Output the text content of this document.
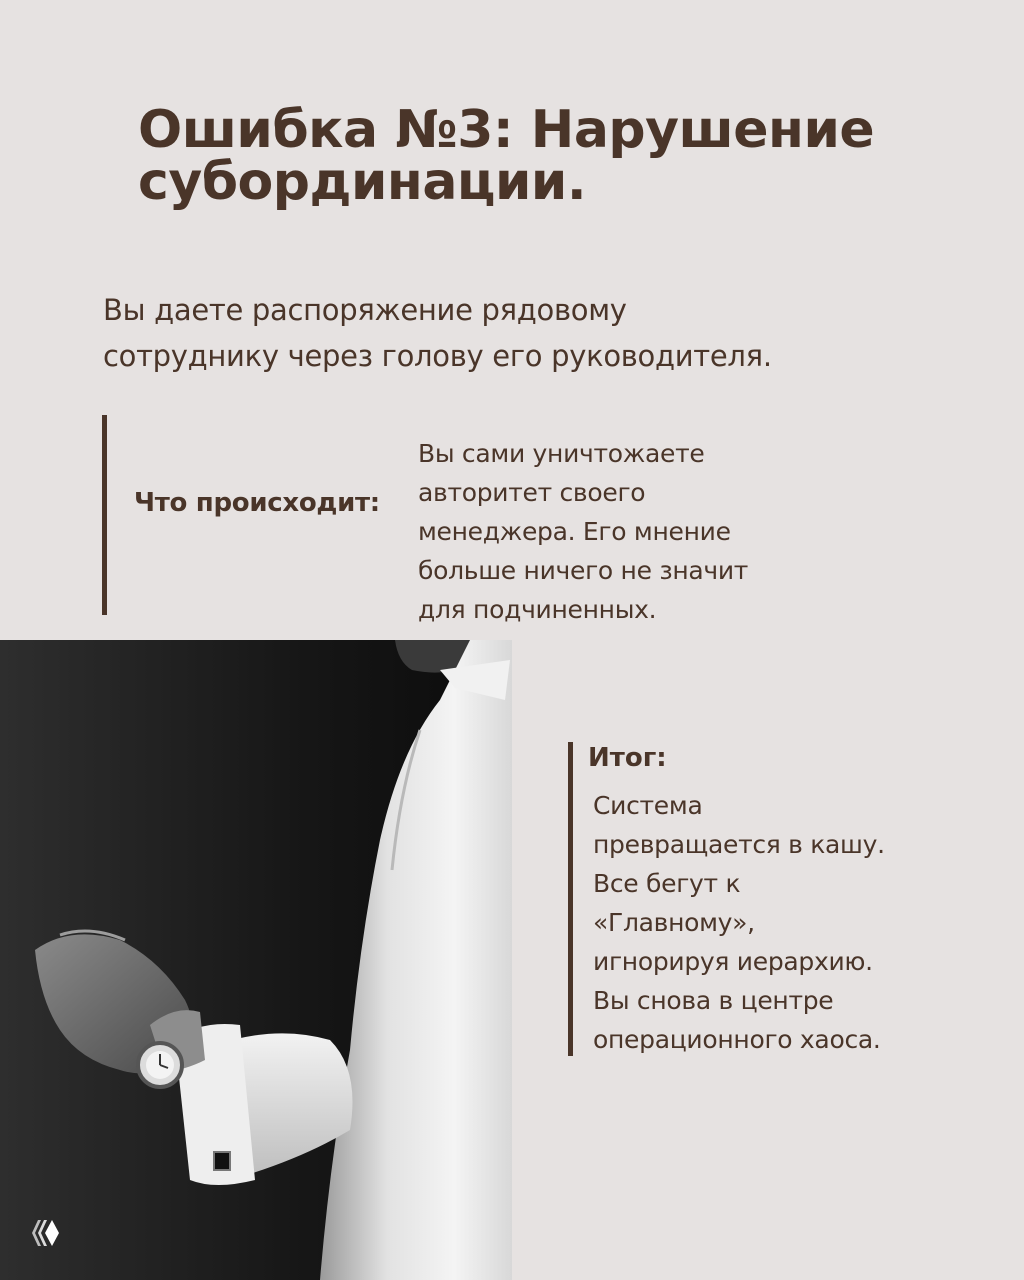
Ошибка №3: Нарушение
субординации.
Вы даете распоряжение рядовому
сотруднику через голову его руководителя.
Что происходит:
Вы сами уничтожаете
авторитет своего
менеджера. Его мнение
больше ничего не значит
для подчиненных.
Итог:
Система
превращается в кашу.
Все бегут к
«Главному»,
игнорируя иерархию.
Вы снова в центре
операционного хаоса.
